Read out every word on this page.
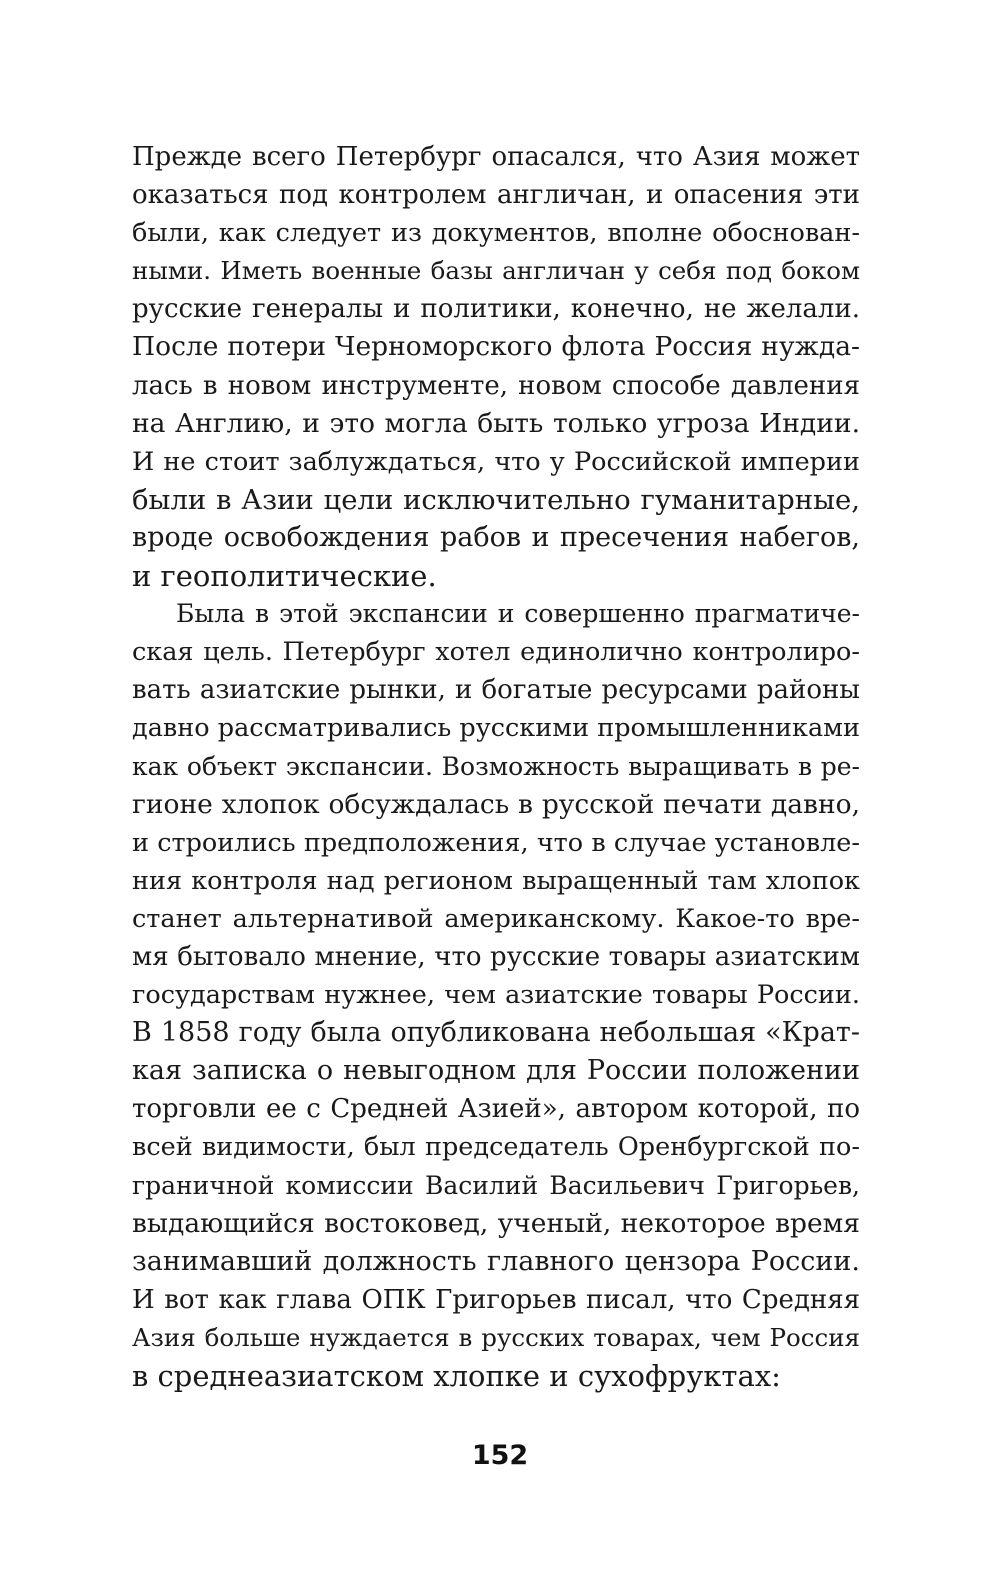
Прежде всего Петербург опасался, что Азия может
оказаться под контролем англичан, и опасения эти
были, как следует из документов, вполне обоснован-
ными. Иметь военные базы англичан у себя под боком
русские генералы и политики, конечно, не желали.
После потери Черноморского флота Россия нужда-
лась в новом инструменте, новом способе давления
на Англию, и это могла быть только угроза Индии.
И не стоит заблуждаться, что у Российской империи
были в Азии цели исключительно гуманитарные,
вроде освобождения рабов и пресечения набегов,
и геополитические.
Была в этой экспансии и совершенно прагматиче-
ская цель. Петербург хотел единолично контролиро-
вать азиатские рынки, и богатые ресурсами районы
давно рассматривались русскими промышленниками
как объект экспансии. Возможность выращивать в ре-
гионе хлопок обсуждалась в русской печати давно,
и строились предположения, что в случае установле-
ния контроля над регионом выращенный там хлопок
станет альтернативой американскому. Какое-то вре-
мя бытовало мнение, что русские товары азиатским
государствам нужнее, чем азиатские товары России.
В 1858 году была опубликована небольшая «Крат-
кая записка о невыгодном для России положении
торговли ее с Средней Азией», автором которой, по
всей видимости, был председатель Оренбургской по-
граничной комиссии Василий Васильевич Григорьев,
выдающийся востоковед, ученый, некоторое время
занимавший должность главного цензора России.
И вот как глава ОПК Григорьев писал, что Средняя
Азия больше нуждается в русских товарах, чем Россия
в среднеазиатском хлопке и сухофруктах:
152
